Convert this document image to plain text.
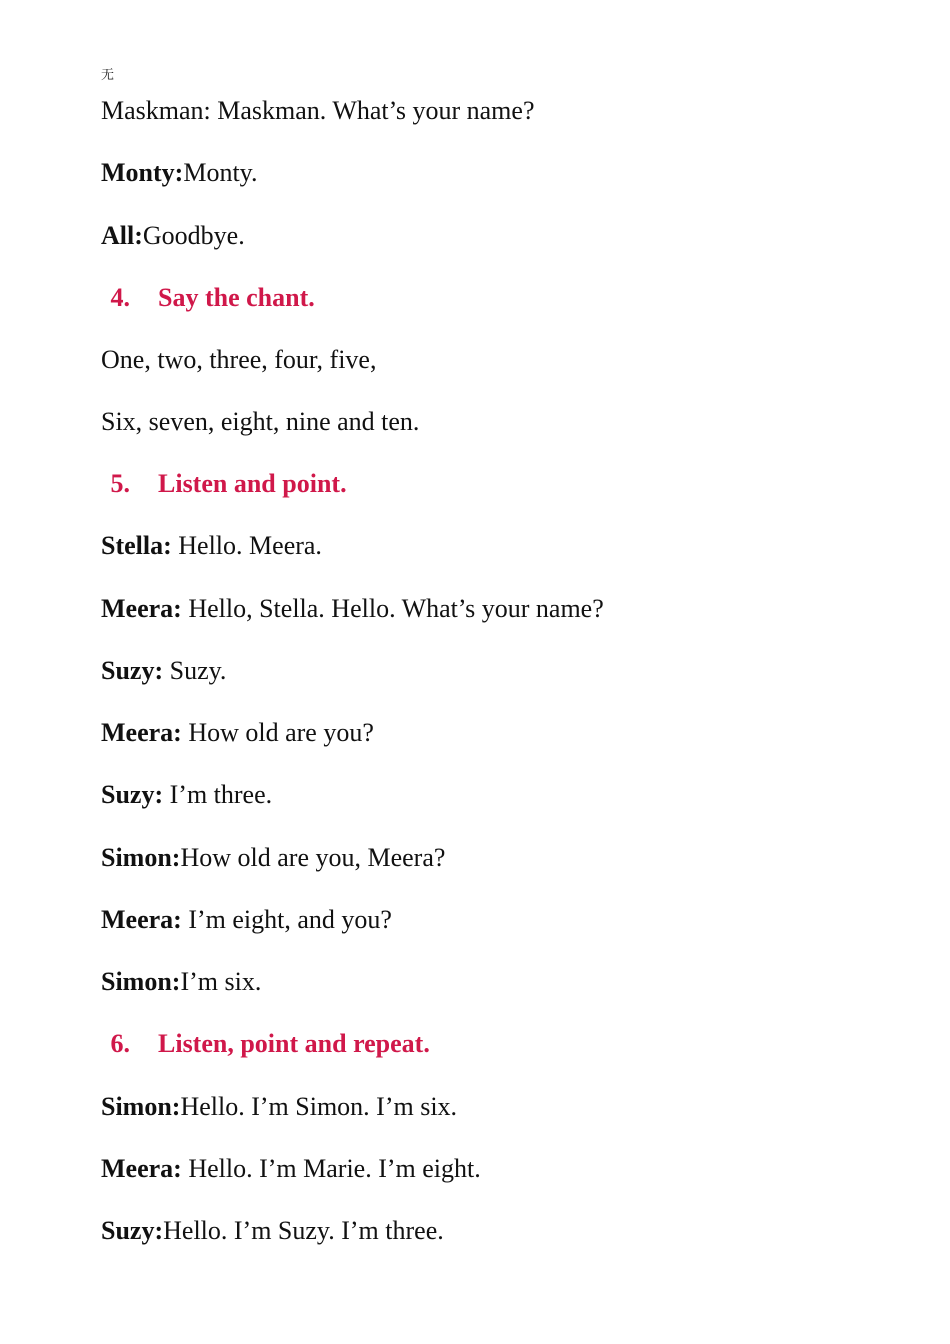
无
Maskman: Maskman. What’s your name?
Monty:Monty.
All:Goodbye.
4. Say the chant.
One, two, three, four, five,
Six, seven, eight, nine and ten.
5. Listen and point.
Stella: Hello. Meera.
Meera: Hello, Stella. Hello. What’s your name?
Suzy: Suzy.
Meera: How old are you?
Suzy: I’m three.
Simon:How old are you, Meera?
Meera: I’m eight, and you?
Simon:I’m six.
6. Listen, point and repeat.
Simon:Hello. I’m Simon. I’m six.
Meera: Hello. I’m Marie. I’m eight.
Suzy:Hello. I’m Suzy. I’m three.
